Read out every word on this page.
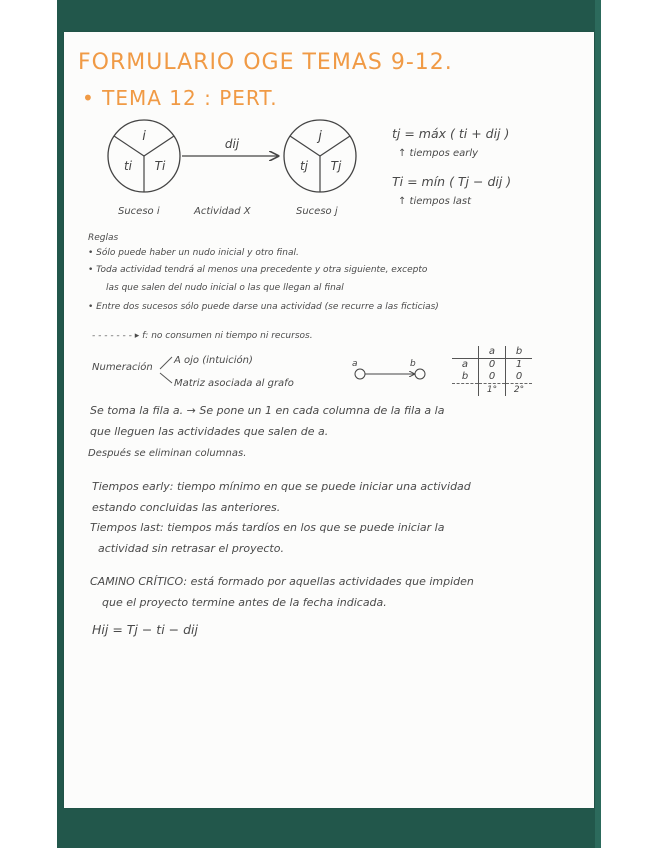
FORMULARIO OGE TEMAS 9-12.
• TEMA 12 : PERT.
i
ti Ti
dij	j
tj Tj
Suceso i	Actividad X	Suceso j
tj = máx ( ti + dij )
↑ tiempos early
Ti = mín ( Tj − dij )
↑ tiempos last
Reglas
• Sólo puede haber un nudo inicial y otro final.
• Toda actividad tendrá al menos una precedente y otra siguiente, excepto
las que salen del nudo inicial o las que llegan al final
• Entre dos sucesos sólo puede darse una actividad (se recurre a las ficticias)
- - - - - - - ▸ f: no consumen ni tiempo ni recursos.
Numeración
A ojo (intuición)
Matriz asociada al grafo
a	b
	a	b
a	0	1
b	0	0
	1°	2°
Se toma la fila a. → Se pone un 1 en cada columna de la fila a la
que lleguen las actividades que salen de a.
Después se eliminan columnas.
Tiempos early: tiempo mínimo en que se puede iniciar una actividad
estando concluidas las anteriores.
Tiempos last: tiempos más tardíos en los que se puede iniciar la
actividad sin retrasar el proyecto.
CAMINO CRÍTICO: está formado por aquellas actividades que impiden
que el proyecto termine antes de la fecha indicada.
Hij = Tj − ti − dij
